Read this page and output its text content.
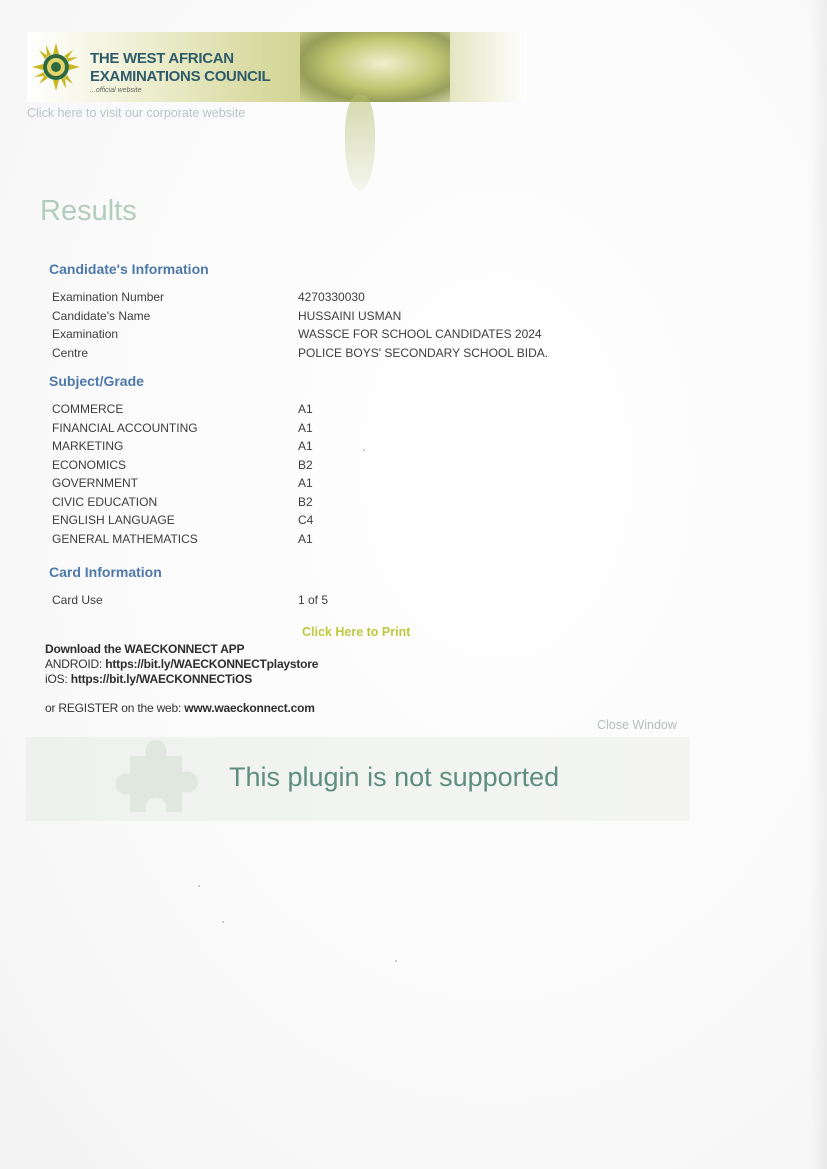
THE WEST AFRICAN
EXAMINATIONS COUNCIL
...official website
Click here to visit our corporate website
Results
Candidate's Information
Examination Number	4270330030
Candidate's Name	HUSSAINI USMAN
Examination	WASSCE FOR SCHOOL CANDIDATES 2024
Centre	POLICE BOYS' SECONDARY SCHOOL BIDA.
Subject/Grade
COMMERCE	A1
FINANCIAL ACCOUNTING	A1
MARKETING	A1
ECONOMICS	B2
GOVERNMENT	A1
CIVIC EDUCATION	B2
ENGLISH LANGUAGE	C4
GENERAL MATHEMATICS	A1
Card Information
Card Use	1 of 5
Click Here to Print
Download the WAECKONNECT APP
ANDROID: https://bit.ly/WAECKONNECTplaystore
iOS: https://bit.ly/WAECKONNECTiOS
or REGISTER on the web: www.waeckonnect.com
Close Window
This plugin is not supported
